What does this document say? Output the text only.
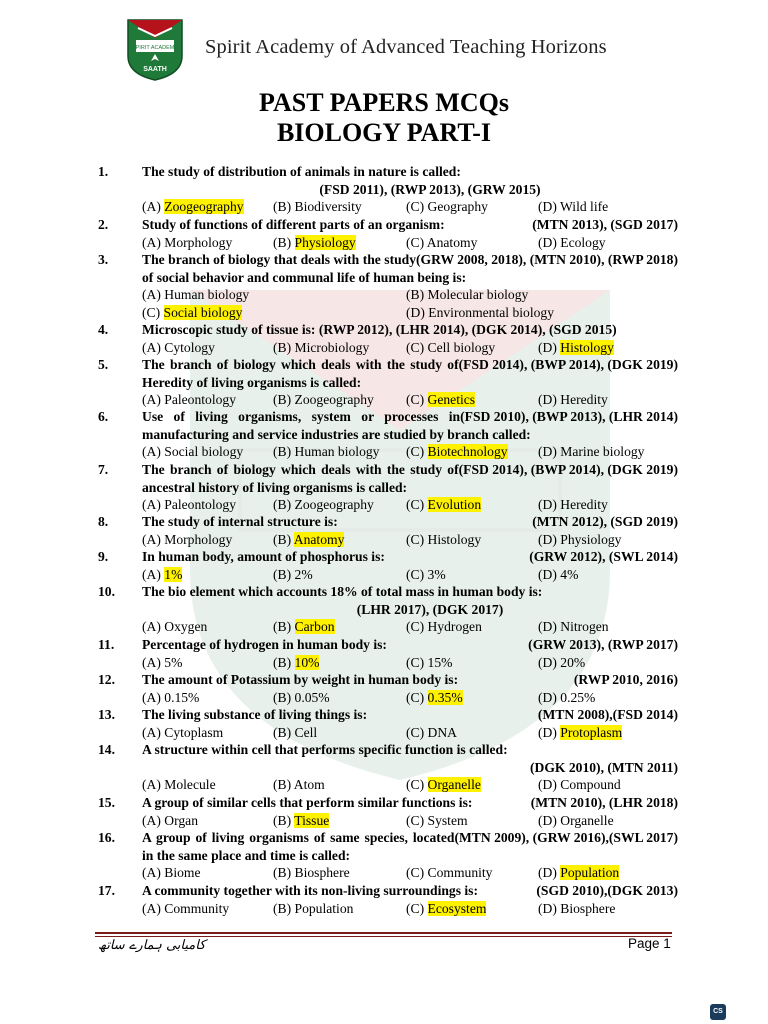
SPIRIT ACADEMY
SAATH
Spirit Academy of Advanced Teaching Horizons
PAST PAPERS MCQs
BIOLOGY PART-I
1. The study of distribution of animals in nature is called:
(FSD 2011), (RWP 2013), (GRW 2015)
(A) Zoogeography (B) Biodiversity	(C) Geography	(D) Wild life
2.	(MTN 2013), (SGD 2017)
Study of functions of different parts of an organism:
(A) Morphology	(B) Physiology	(C) Anatomy	(D) Ecology
3.	(GRW 2008, 2018), (MTN 2010), (RWP 2018)
The branch of biology that deals with the study of social behavior and communal life of human being is:
(A) Human biology	(B) Molecular biology
(C) Social biology	(D) Environmental biology
4. Microscopic study of tissue is: (RWP 2012), (LHR 2014), (DGK 2014), (SGD 2015)
(A) Cytology	(B) Microbiology	(C) Cell biology	(D) Histology
5.	(FSD 2014), (BWP 2014), (DGK 2019)
The branch of biology which deals with the study of Heredity of living organisms is called:
(A) Paleontology	(B) Zoogeography (C) Genetics	(D) Heredity
6.	(FSD 2010), (BWP 2013), (LHR 2014)
Use of living organisms, system or processes in manufacturing and service industries are studied by branch called:
(A) Social biology (B) Human biology (C) Biotechnology (D) Marine biology
7.	(FSD 2014), (BWP 2014), (DGK 2019)
The branch of biology which deals with the study of ancestral history of living organisms is called:
(A) Paleontology	(B) Zoogeography (C) Evolution	(D) Heredity
8.	(MTN 2012), (SGD 2019)
The study of internal structure is:
(A) Morphology	(B) Anatomy	(C) Histology	(D) Physiology
9.	(GRW 2012), (SWL 2014)
In human body, amount of phosphorus is:
(A) 1%	(B) 2%	(C) 3%	(D) 4%
10. The bio element which accounts 18% of total mass in human body is:
(LHR 2017), (DGK 2017)
(A) Oxygen	(B) Carbon	(C) Hydrogen	(D) Nitrogen
11.	(GRW 2013), (RWP 2017)
Percentage of hydrogen in human body is:
(A) 5%	(B) 10%	(C) 15%	(D) 20%
12.	(RWP 2010, 2016)
The amount of Potassium by weight in human body is:
(A) 0.15%	(B) 0.05%	(C) 0.35%	(D) 0.25%
13.	(MTN 2008),(FSD 2014)
The living substance of living things is:
(A) Cytoplasm	(B) Cell	(C) DNA	(D) Protoplasm
14. A structure within cell that performs specific function is called:
(DGK 2010), (MTN 2011)
(A) Molecule	(B) Atom	(C) Organelle	(D) Compound
15.	(MTN 2010), (LHR 2018)
A group of similar cells that perform similar functions is:
(A) Organ	(B) Tissue	(C) System	(D) Organelle
16.	(MTN 2009), (GRW 2016),(SWL 2017)
A group of living organisms of same species, located in the same place and time is called:
(A) Biome	(B) Biosphere	(C) Community	(D) Population
17.	(SGD 2010),(DGK 2013)
A community together with its non-living surroundings is:
(A) Community	(B) Population	(C) Ecosystem	(D) Biosphere
کامیابی ہمارے ساتھ	Page 1
CS
